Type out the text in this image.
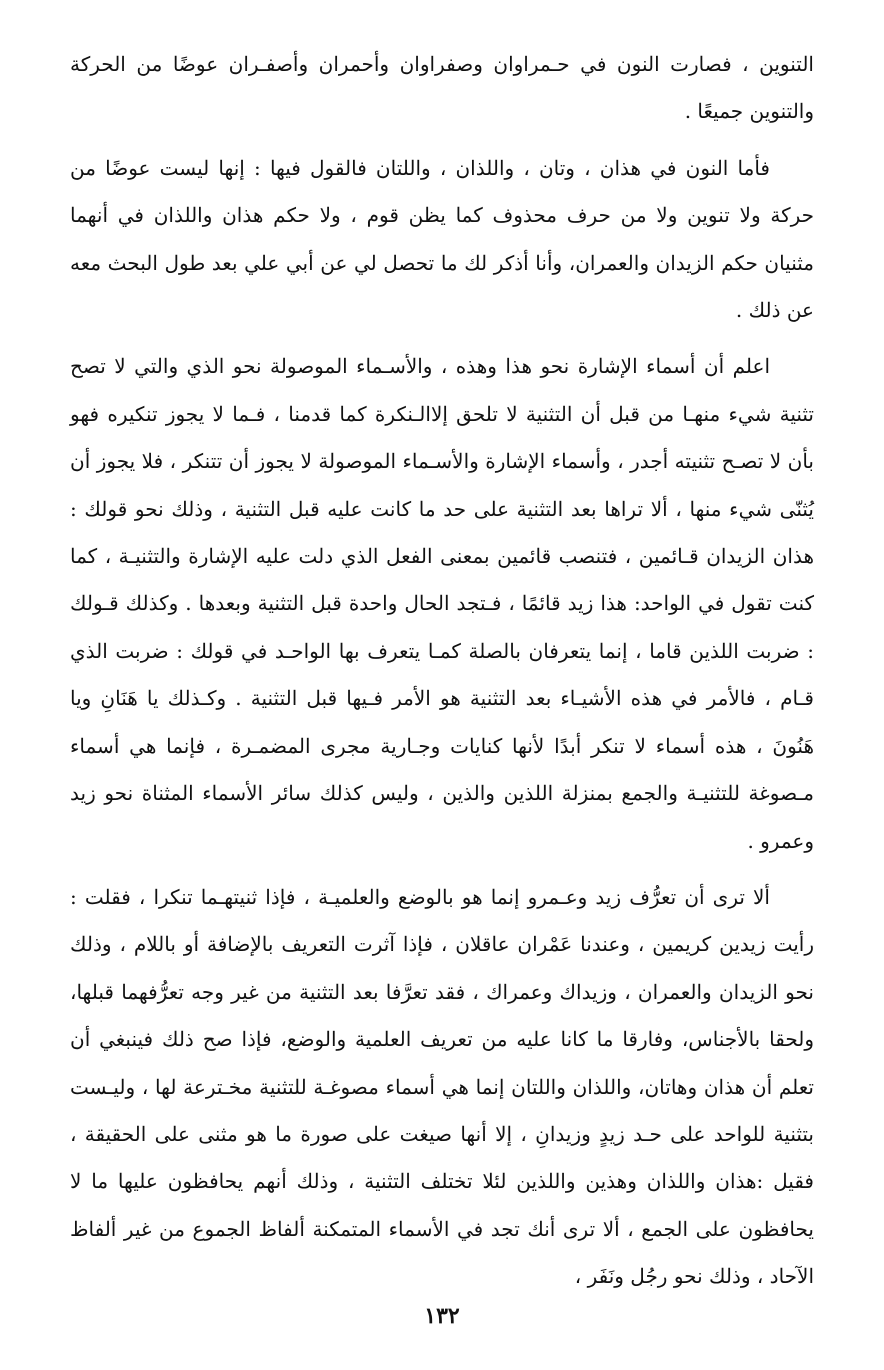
التنوين ، فصارت النون في حـمراوان وصفراوان وأحمران وأصفـران عوضًا من الحركة والتنوين جميعًا .

فأما النون في هذان ، وتان ، واللذان ، واللتان فالقول فيها : إنها ليست عوضًا من حركة ولا تنوين ولا من حرف محذوف كما يظن قوم ، ولا حكم هذان واللذان في أنهما مثنيان حكم الزيدان والعمران، وأنا أذكر لك ما تحصل لي عن أبي علي بعد طول البحث معه عن ذلك .

اعلم أن أسماء الإشارة نحو هذا وهذه ، والأسـماء الموصولة نحو الذي والتي لا تصح تثنية شيء منهـا من قبل أن التثنية لا تلحق إلاالـنكرة كما قدمنا ، فـما لا يجوز تنكيره فهو بأن لا تصـح تثنيته أجدر ، وأسماء الإشارة والأسـماء الموصولة لا يجوز أن تتنكر ، فلا يجوز أن يُثنّى شيء منها ، ألا تراها بعد التثنية على حد ما كانت عليه قبل التثنية ، وذلك نحو قولك : هذان الزيدان قـائمين ، فتنصب قائمين بمعنى الفعل الذي دلت عليه الإشارة والتثنيـة ، كما كنت تقول في الواحد: هذا زيد قائمًا ، فـتجد الحال واحدة قبل التثنية وبعدها . وكذلك قـولك : ضربت اللذين قاما ، إنما يتعرفان بالصلة كمـا يتعرف بها الواحـد في قولك : ضربت الذي قـام ، فالأمر في هذه الأشيـاء بعد التثنية هو الأمر فـيها قبل التثنية . وكـذلك يا هَنَانِ ويا هَنُونَ ، هذه أسماء لا تنكر أبدًا لأنها كنايات وجـارية مجرى المضمـرة ، فإنما هي أسماء مـصوغة للتثنيـة والجمع بمنزلة اللذين والذين ، وليس كذلك سائر الأسماء المثناة نحو زيد وعمرو .

ألا ترى أن تعرُّف زيد وعـمرو إنما هو بالوضع والعلميـة ، فإذا ثنيتهـما تنكرا ، فقلت : رأيت زيدين كريمين ، وعندنا عَمْران عاقلان ، فإذا آثرت التعريف بالإضافة أو باللام ، وذلك نحو الزيدان والعمران ، وزيداك وعمراك ، فقد تعرَّفا بعد التثنية من غير وجه تعرُّفهما قبلها، ولحقا بالأجناس، وفارقا ما كانا عليه من تعريف العلمية والوضع، فإذا صح ذلك فينبغي أن تعلم أن هذان وهاتان، واللذان واللتان إنما هي أسماء مصوغـة للتثنية مخـترعة لها ، وليـست بتثنية للواحد على حـد زيدٍ وزيدانِ ، إلا أنها صيغت على صورة ما هو مثنى على الحقيقة ، فقيل :هذان واللذان وهذين واللذين لئلا تختلف التثنية ، وذلك أنهم يحافظون عليها ما لا يحافظون على الجمع ، ألا ترى أنك تجد في الأسماء المتمكنة ألفاظ الجموع من غير ألفاظ الآحاد ، وذلك نحو رجُل ونَفَر ،

١٣٢
